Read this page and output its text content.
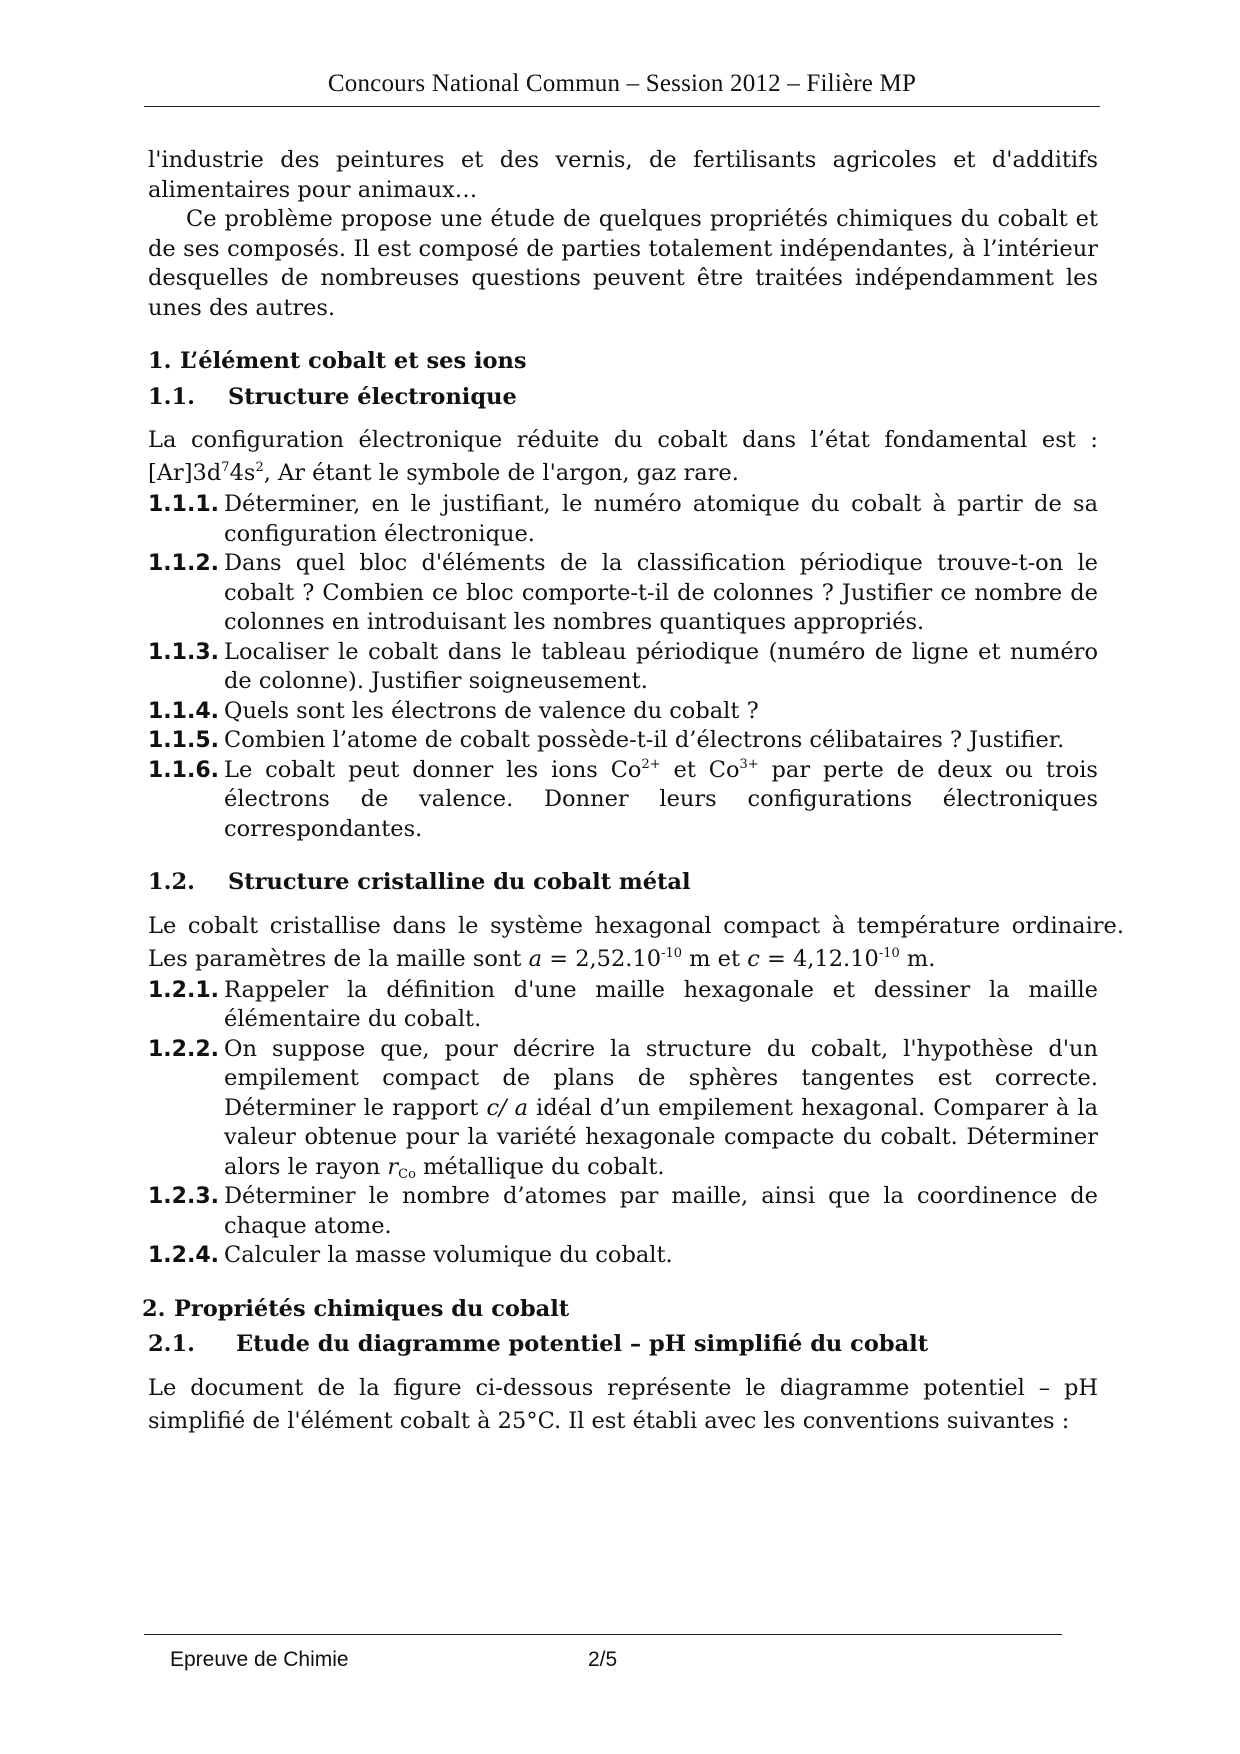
Concours National Commun – Session 2012 – Filière MP

l'industrie des peintures et des vernis, de fertilisants agricoles et d'additifs alimentaires pour animaux…

Ce problème propose une étude de quelques propriétés chimiques du cobalt et de ses composés. Il est composé de parties totalement indépendantes, à l’intérieur desquelles de nombreuses questions peuvent être traitées indépendamment les unes des autres.

1. L’élément cobalt et ses ions
1.1. Structure électronique

La configuration électronique réduite du cobalt dans l’état fondamental est : $[Ar]3d^74s^2$, Ar étant le symbole de l'argon, gaz rare.

1.1.1. Déterminer, en le justifiant, le numéro atomique du cobalt à partir de sa configuration électronique.
1.1.2. Dans quel bloc d'éléments de la classification périodique trouve-t-on le cobalt ? Combien ce bloc comporte-t-il de colonnes ? Justifier ce nombre de colonnes en introduisant les nombres quantiques appropriés.
1.1.3. Localiser le cobalt dans le tableau périodique (numéro de ligne et numéro de colonne). Justifier soigneusement.
1.1.4. Quels sont les électrons de valence du cobalt ?
1.1.5. Combien l’atome de cobalt possède-t-il d’électrons célibataires ? Justifier.
1.1.6. Le cobalt peut donner les ions $Co^{2+}$ et $Co^{3+}$ par perte de deux ou trois électrons de valence. Donner leurs configurations électroniques correspondantes.
1.2. Structure cristalline du cobalt métal

Le cobalt cristallise dans le système hexagonal compact à température ordinaire. Les paramètres de la maille sont $a = 2,52.10^{-10}$ m et $c = 4,12.10^{-10}$ m.

1.2.1. Rappeler la définition d'une maille hexagonale et dessiner la maille élémentaire du cobalt.
1.2.2. On suppose que, pour décrire la structure du cobalt, l'hypothèse d'un empilement compact de plans de sphères tangentes est correcte. Déterminer le rapport c/ a idéal d’un empilement hexagonal. Comparer à la valeur obtenue pour la variété hexagonale compacte du cobalt. Déterminer alors le rayon $r_{Co}$ métallique du cobalt.
1.2.3. Déterminer le nombre d’atomes par maille, ainsi que la coordinence de chaque atome.
1.2.4. Calculer la masse volumique du cobalt.
2. Propriétés chimiques du cobalt
2.1. Etude du diagramme potentiel – pH simplifié du cobalt

Le document de la figure ci-dessous représente le diagramme potentiel – pH simplifié de l'élément cobalt à 25°C. Il est établi avec les conventions suivantes :

Epreuve de Chimie	2/5
